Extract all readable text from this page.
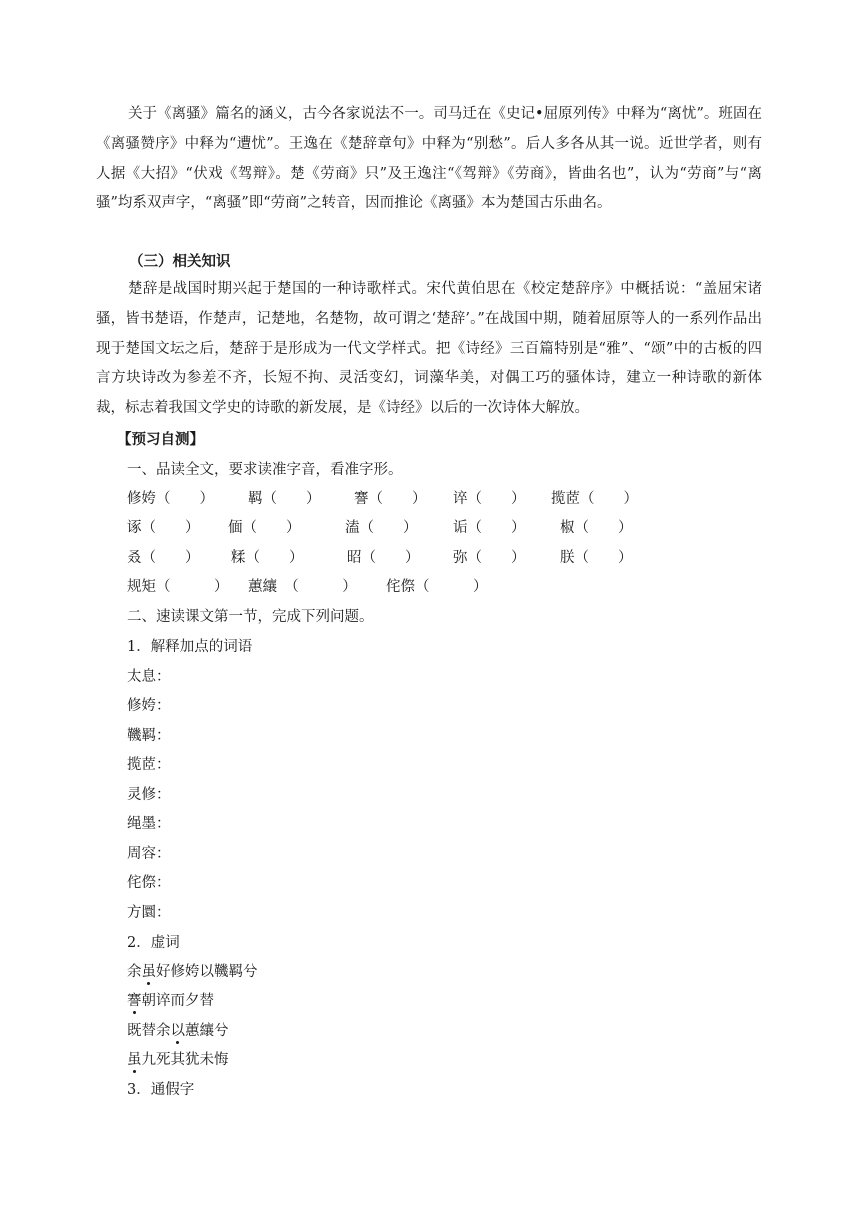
关于《离骚》篇名的涵义，古今各家说法不一。司马迁在《史记•屈原列传》中释为“离忧”。班固在《离骚赞序》中释为“遭忧”。王逸在《楚辞章句》中释为“别愁”。后人多各从其一说。近世学者，则有人据《大招》“伏戏《驾辩》。楚《劳商》只”及王逸注“《驾辩》《劳商》，皆曲名也”，认为“劳商”与“离骚”均系双声字，“离骚”即“劳商”之转音，因而推论《离骚》本为楚国古乐曲名。

（三）相关知识

楚辞是战国时期兴起于楚国的一种诗歌样式。宋代黄伯思在《校定楚辞序》中概括说：“盖屈宋诸骚，皆书楚语，作楚声，记楚地，名楚物，故可谓之‘楚辞’。”在战国中期，随着屈原等人的一系列作品出现于楚国文坛之后，楚辞于是形成为一代文学样式。把《诗经》三百篇特别是“雅”、“颂”中的古板的四言方块诗改为参差不齐，长短不拘、灵活变幻，词藻华美，对偶工巧的骚体诗，建立一种诗歌的新体裁，标志着我国文学史的诗歌的新发展，是《诗经》以后的一次诗体大解放。

【预习自测】

一、品读全文，要求读准字音，看准字形。

修姱（　　） 羁（　　） 謇（　　） 谇（　　） 揽茝（　　）
诼（　　） 偭（　　）	溘（　　） 诟（　　） 椒（　　）
叒（　　） 糅（　　）	昭（　　） 弥（　　） 朕（　　）
规矩（　　　） 蕙纕　（　　　） 侘傺（　　　）

二、速读课文第一节，完成下列问题。

1．解释加点的词语

太息：

修姱：

鞿羁：

揽茝：

灵修：

绳墨：

周容：

侘傺：

方圜：

2．虚词

余虽好修姱以鞿羁兮

謇朝谇而夕替

既替余以蕙纕兮

虽九死其犹未悔

3．通假字
